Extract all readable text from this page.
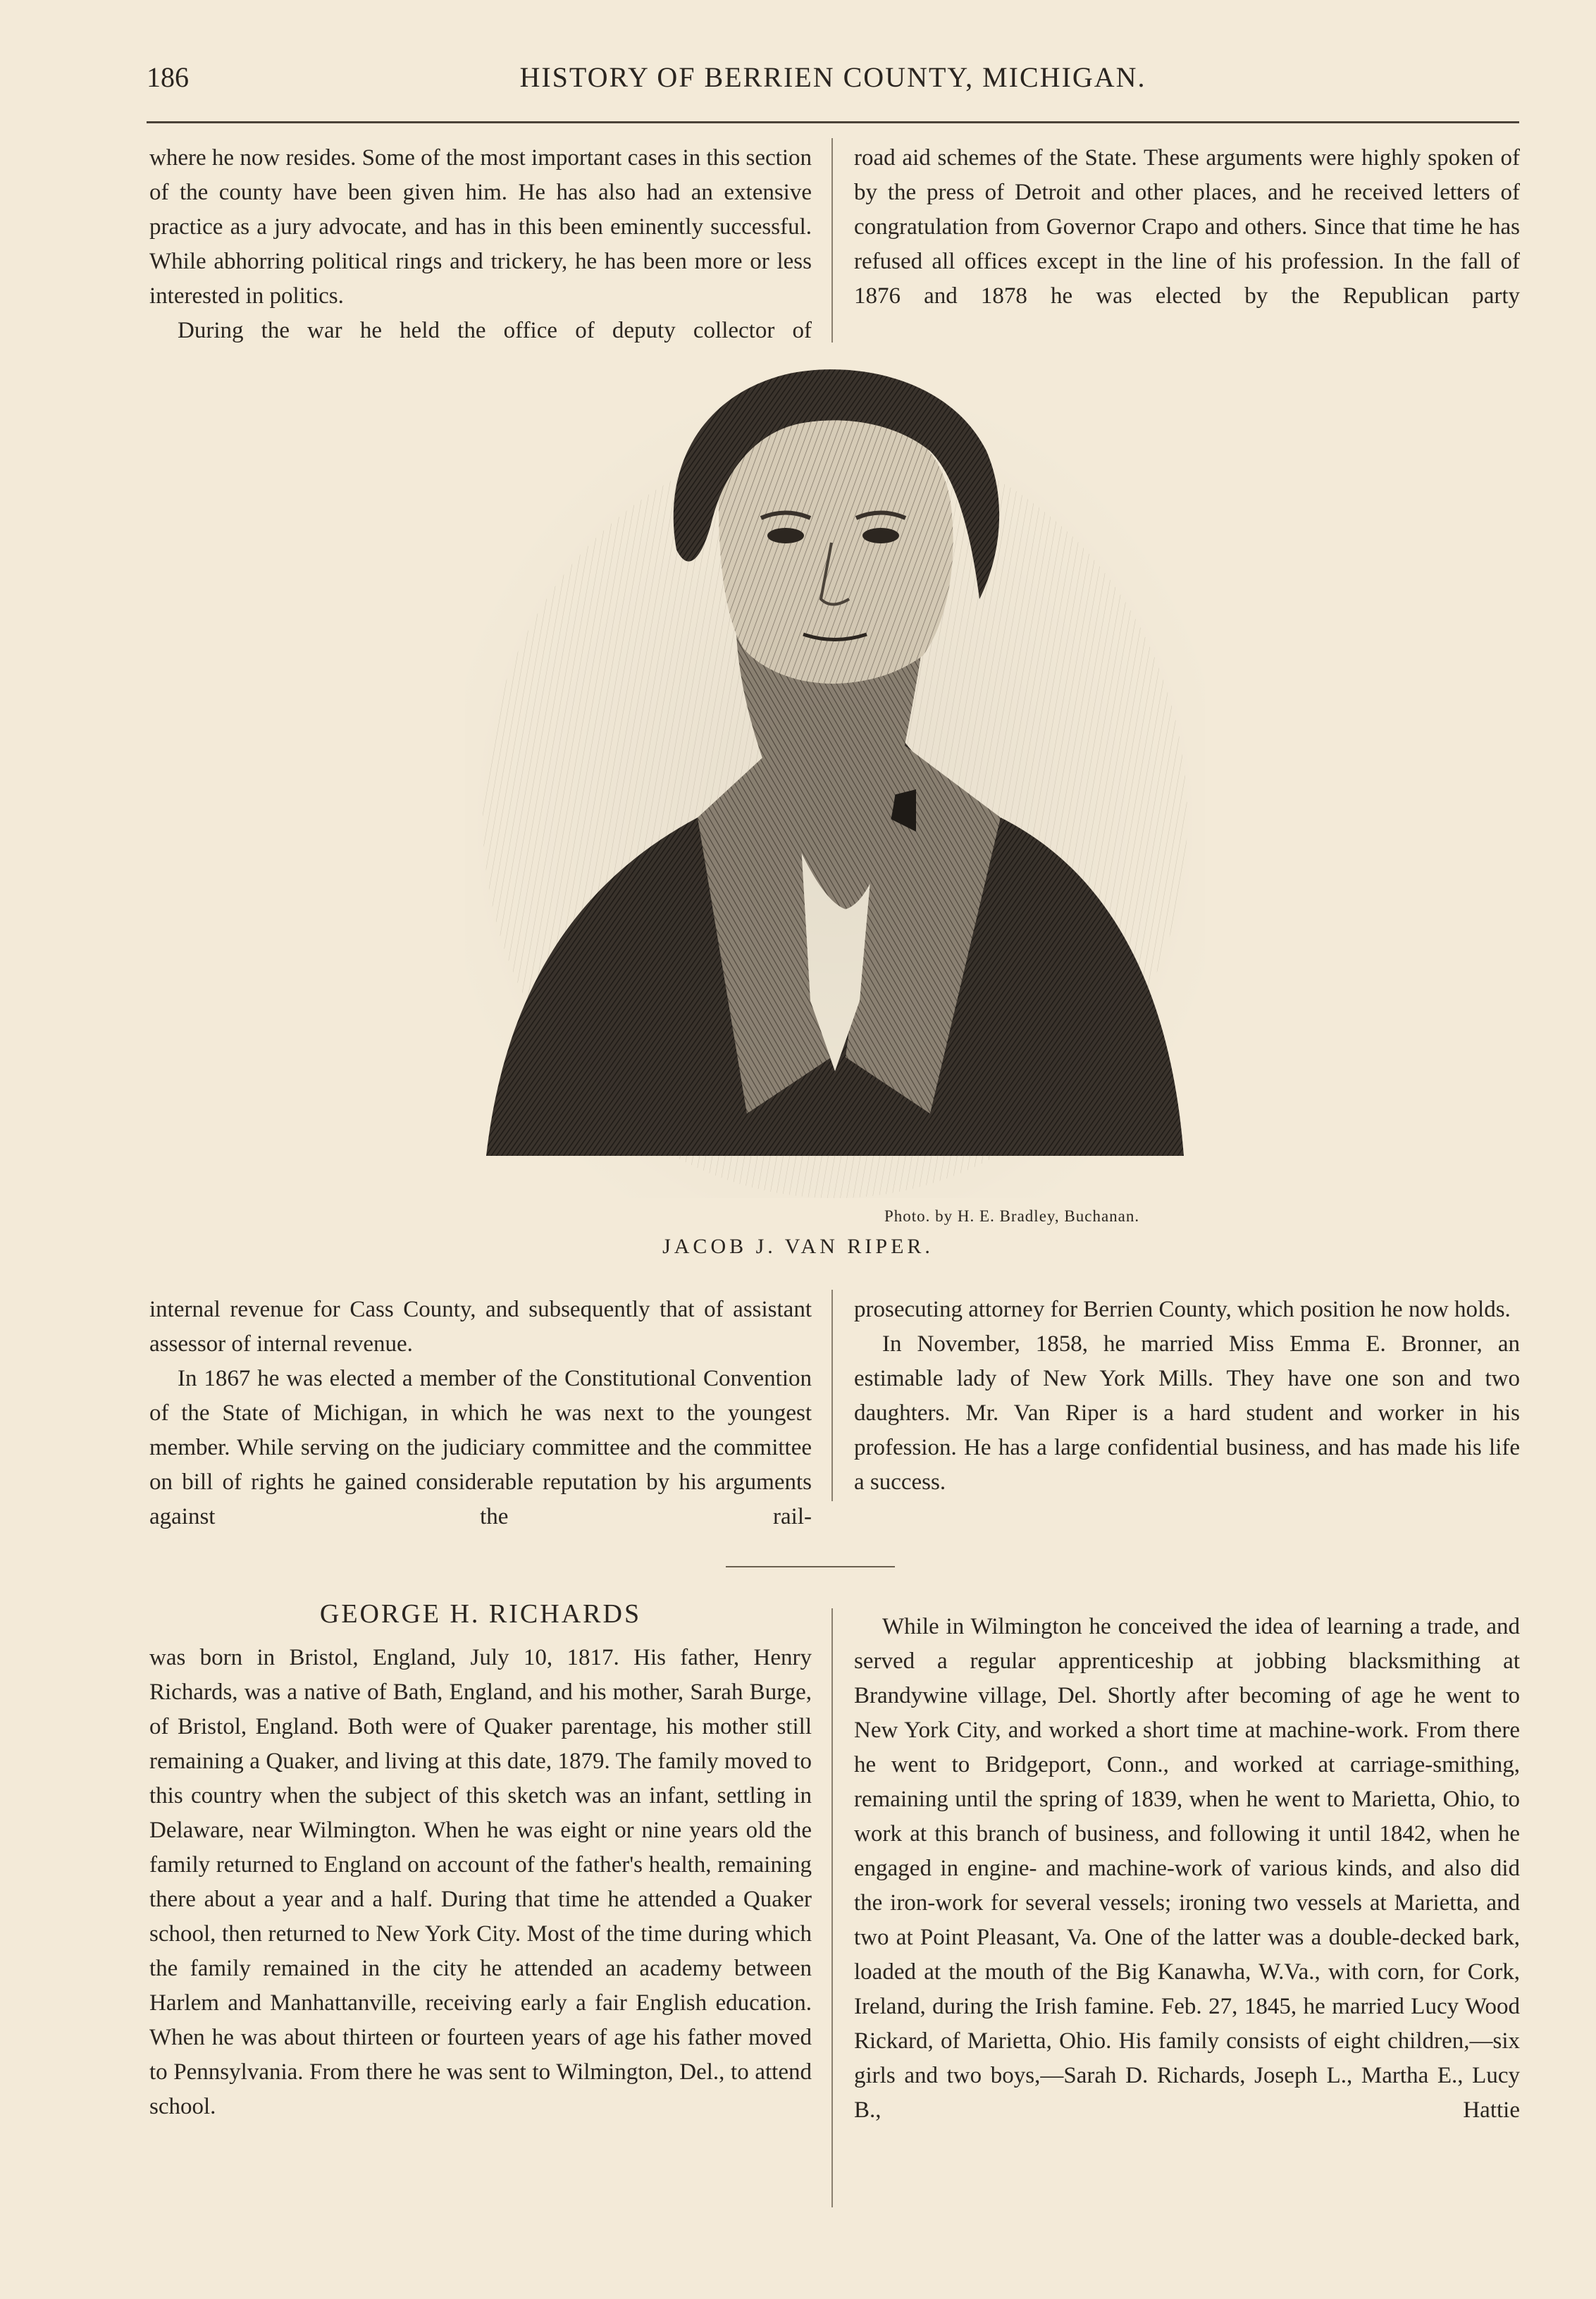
186	HISTORY OF BERRIEN COUNTY, MICHIGAN.

where he now resides. Some of the most important cases in this section of the county have been given him. He has also had an extensive practice as a jury advocate, and has in this been eminently successful. While abhorring political rings and trickery, he has been more or less interested in politics.

During the war he held the office of deputy collector of

road aid schemes of the State. These arguments were highly spoken of by the press of Detroit and other places, and he received letters of congratulation from Governor Crapo and others. Since that time he has refused all offices except in the line of his profession. In the fall of 1876 and 1878 he was elected by the Republican party

Photo. by H. E. Bradley, Buchanan.
JACOB J. VAN RIPER.

internal revenue for Cass County, and subsequently that of assistant assessor of internal revenue.

In 1867 he was elected a member of the Constitutional Convention of the State of Michigan, in which he was next to the youngest member. While serving on the judiciary committee and the committee on bill of rights he gained considerable reputation by his arguments against the rail-

prosecuting attorney for Berrien County, which position he now holds.

In November, 1858, he married Miss Emma E. Bronner, an estimable lady of New York Mills. They have one son and two daughters. Mr. Van Riper is a hard student and worker in his profession. He has a large confidential business, and has made his life a success.

GEORGE H. RICHARDS

was born in Bristol, England, July 10, 1817. His father, Henry Richards, was a native of Bath, England, and his mother, Sarah Burge, of Bristol, England. Both were of Quaker parentage, his mother still remaining a Quaker, and living at this date, 1879. The family moved to this country when the subject of this sketch was an infant, settling in Delaware, near Wilmington. When he was eight or nine years old the family returned to England on account of the father's health, remaining there about a year and a half. During that time he attended a Quaker school, then returned to New York City. Most of the time during which the family remained in the city he attended an academy between Harlem and Manhattanville, receiving early a fair English education. When he was about thirteen or fourteen years of age his father moved to Pennsylvania. From there he was sent to Wilmington, Del., to attend school.

While in Wilmington he conceived the idea of learning a trade, and served a regular apprenticeship at jobbing blacksmithing at Brandywine village, Del. Shortly after becoming of age he went to New York City, and worked a short time at machine-work. From there he went to Bridgeport, Conn., and worked at carriage-smithing, remaining until the spring of 1839, when he went to Marietta, Ohio, to work at this branch of business, and following it until 1842, when he engaged in engine- and machine-work of various kinds, and also did the iron-work for several vessels; ironing two vessels at Marietta, and two at Point Pleasant, Va. One of the latter was a double-decked bark, loaded at the mouth of the Big Kanawha, W.Va., with corn, for Cork, Ireland, during the Irish famine. Feb. 27, 1845, he married Lucy Wood Rickard, of Marietta, Ohio. His family consists of eight children,—six girls and two boys,—Sarah D. Richards, Joseph L., Martha E., Lucy B., Hattie
